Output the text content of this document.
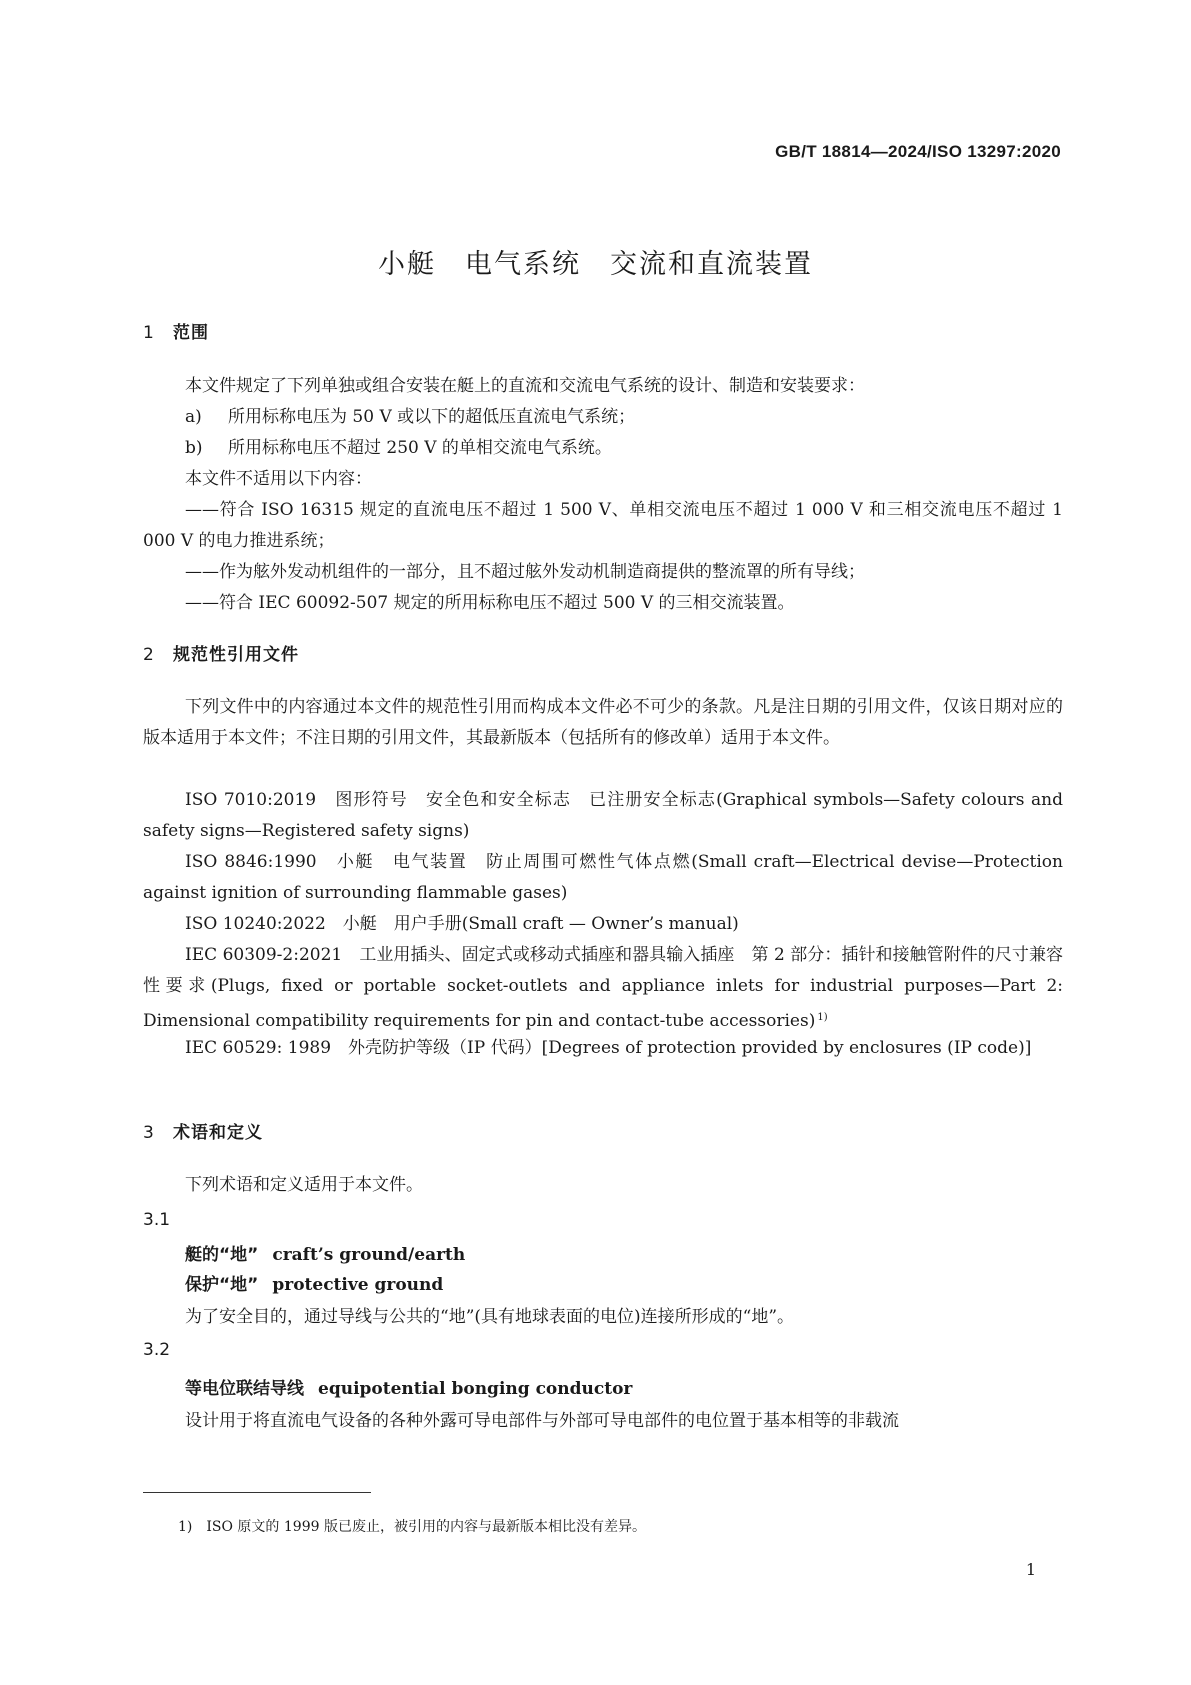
GB/T 18814—2024/ISO 13297:2020
小艇　电气系统　交流和直流装置
1 范围
本文件规定了下列单独或组合安装在艇上的直流和交流电气系统的设计、制造和安装要求：
a) 所用标称电压为 50 V 或以下的超低压直流电气系统；
b) 所用标称电压不超过 250 V 的单相交流电气系统。
本文件不适用以下内容：
——符合 ISO 16315 规定的直流电压不超过 1 500 V、单相交流电压不超过 1 000 V 和三相交流电压不超过 1 000 V 的电力推进系统；
——作为舷外发动机组件的一部分，且不超过舷外发动机制造商提供的整流罩的所有导线；
——符合 IEC 60092-507 规定的所用标称电压不超过 500 V 的三相交流装置。
2 规范性引用文件
下列文件中的内容通过本文件的规范性引用而构成本文件必不可少的条款。凡是注日期的引用文件，仅该日期对应的版本适用于本文件；不注日期的引用文件，其最新版本（包括所有的修改单）适用于本文件。
ISO 7010:2019　图形符号　安全色和安全标志　已注册安全标志(Graphical symbols—Safety colours and safety signs—Registered safety signs)
ISO 8846:1990　小艇　电气装置　防止周围可燃性气体点燃(Small craft—Electrical devise—Protection against ignition of surrounding flammable gases)
ISO 10240:2022　小艇　用户手册(Small craft — Owner’s manual)
IEC 60309-2:2021　工业用插头、固定式或移动式插座和器具输入插座　第 2 部分：插针和接触管附件的尺寸兼容性要求(Plugs, fixed or portable socket-outlets and appliance inlets for industrial purposes—Part 2: Dimensional compatibility requirements for pin and contact-tube accessories) $^{1)}$
IEC 60529: 1989　外壳防护等级（IP 代码）[Degrees of protection provided by enclosures (IP code)]
3 术语和定义
下列术语和定义适用于本文件。
3.1
艇的“地” craft’s ground/earth
保护“地” protective ground
为了安全目的，通过导线与公共的“地”(具有地球表面的电位)连接所形成的“地”。
3.2
等电位联结导线 equipotential bonging conductor
设计用于将直流电气设备的各种外露可导电部件与外部可导电部件的电位置于基本相等的非载流
1)　 ISO 原文的 1999 版已废止，被引用的内容与最新版本相比没有差异。
1
